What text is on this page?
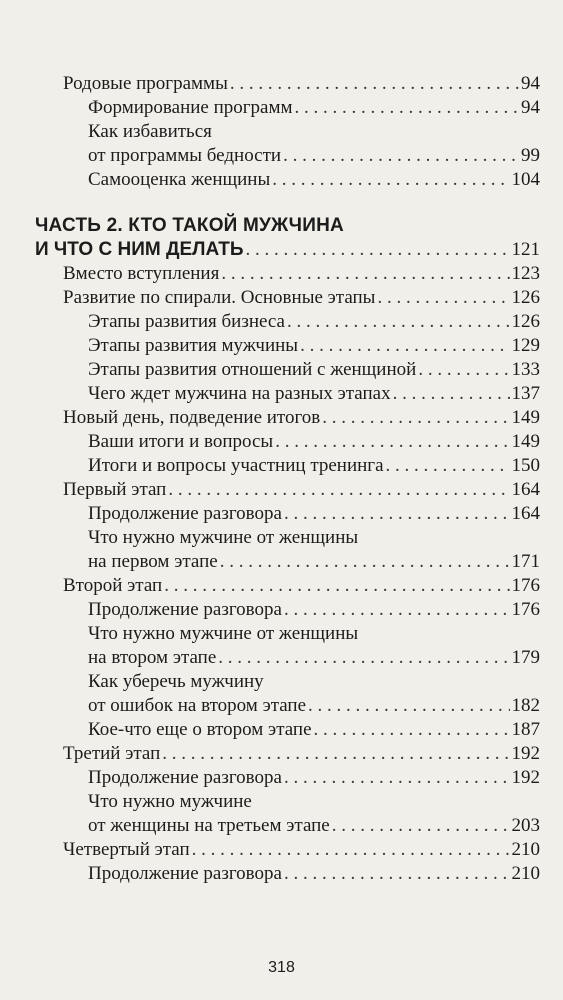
Родовые программы . . .	94
Формирование программ . . .	94
Как избавиться
от программы бедности . . .	99
Самооценка женщины . . .	104
ЧАСТЬ 2. КТО ТАКОЙ МУЖЧИНА
И ЧТО С НИМ ДЕЛАТЬ . . .	121
Вместо вступления . . .	123
Развитие по спирали. Основные этапы . . .	126
Этапы развития бизнеса . . .	126
Этапы развития мужчины . . .	129
Этапы развития отношений с женщиной . . .	133
Чего ждет мужчина на разных этапах . . .	137
Новый день, подведение итогов . . .	149
Ваши итоги и вопросы . . .	149
Итоги и вопросы участниц тренинга . . .	150
Первый этап . . .	164
Продолжение разговора . . .	164
Что нужно мужчине от женщины
на первом этапе . . .	171
Второй этап . . .	176
Продолжение разговора . . .	176
Что нужно мужчине от женщины
на втором этапе . . .	179
Как уберечь мужчину
от ошибок на втором этапе . . .	182
Кое-что еще о втором этапе . . .	187
Третий этап . . .	192
Продолжение разговора . . .	192
Что нужно мужчине
от женщины на третьем этапе . . .	203
Четвертый этап . . .	210
Продолжение разговора . . .	210
318
